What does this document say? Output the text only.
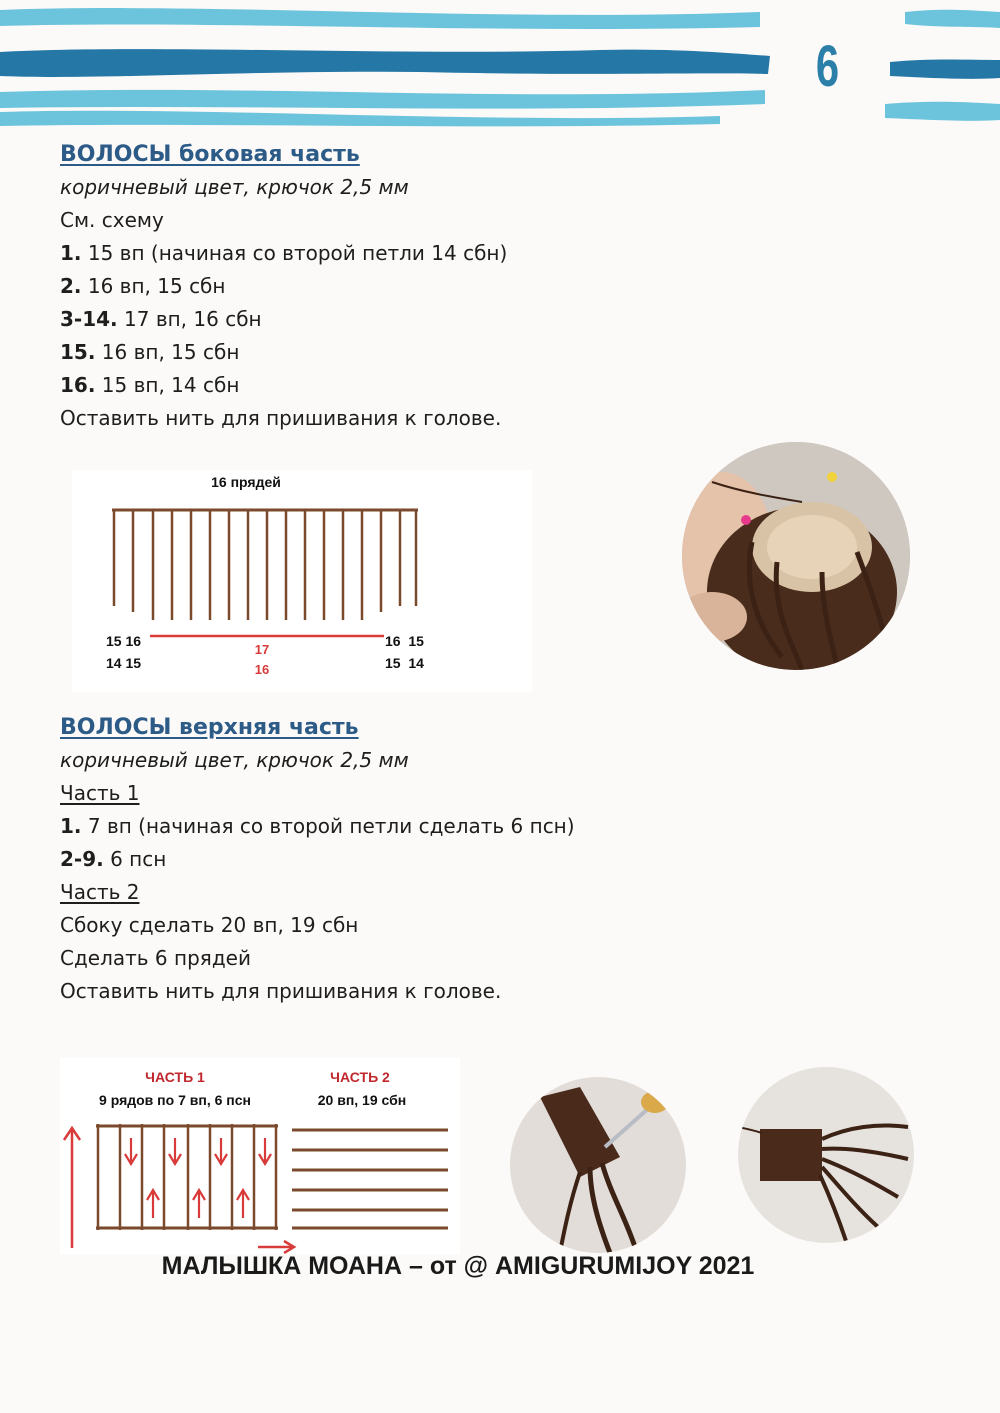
6
ВОЛОСЫ боковая часть
коричневый цвет, крючок 2,5 мм
См. схему
1. 15 вп (начиная со второй петли 14 сбн)
2. 16 вп, 15 сбн
3-14. 17 вп, 16 сбн
15. 16 вп, 15 сбн
16. 15 вп, 14 сбн
Оставить нить для пришивания к голове.
16 прядей
15 16
14 15
17
16
16  15
15  14
ВОЛОСЫ верхняя часть
коричневый цвет, крючок 2,5 мм
Часть 1
1. 7 вп (начиная со второй петли сделать 6 псн)
2-9. 6 псн
Часть 2
Сбоку сделать 20 вп, 19 сбн
Сделать 6 прядей
Оставить нить для пришивания к голове.
ЧАСТЬ 1
9 рядов по 7 вп, 6 псн
ЧАСТЬ 2
20 вп, 19 сбн
МАЛЫШКА МОАНА – от @ AMIGURUMIJOY 2021
